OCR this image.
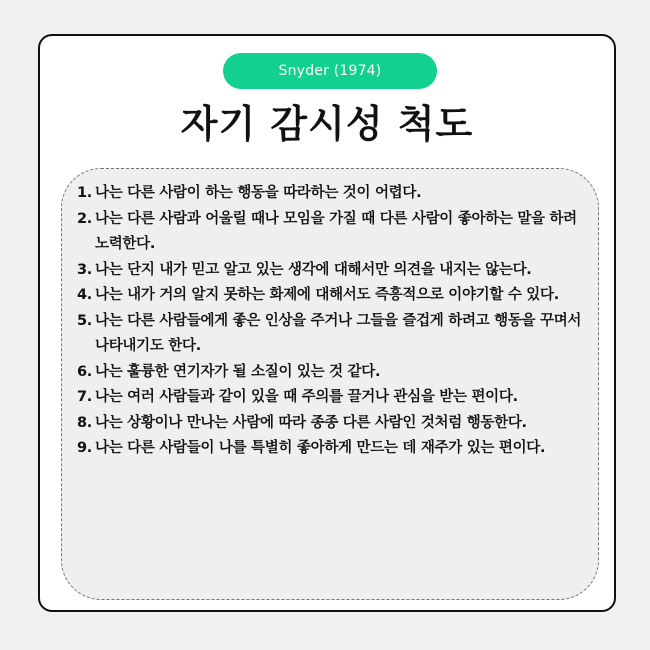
Snyder (1974)
자기 감시성 척도
1. 나는 다른 사람이 하는 행동을 따라하는 것이 어렵다.
2. 나는 다른 사람과 어울릴 때나 모임을 가질 때 다른 사람이 좋아하는 말을 하려 노력한다.
3. 나는 단지 내가 믿고 알고 있는 생각에 대해서만 의견을 내지는 않는다.
4. 나는 내가 거의 알지 못하는 화제에 대해서도 즉흥적으로 이야기할 수 있다.
5. 나는 다른 사람들에게 좋은 인상을 주거나 그들을 즐겁게 하려고 행동을 꾸며서 나타내기도 한다.
6. 나는 훌륭한 연기자가 될 소질이 있는 것 같다.
7. 나는 여러 사람들과 같이 있을 때 주의를 끌거나 관심을 받는 편이다.
8. 나는 상황이나 만나는 사람에 따라 종종 다른 사람인 것처럼 행동한다.
9. 나는 다른 사람들이 나를 특별히 좋아하게 만드는 데 재주가 있는 편이다.
